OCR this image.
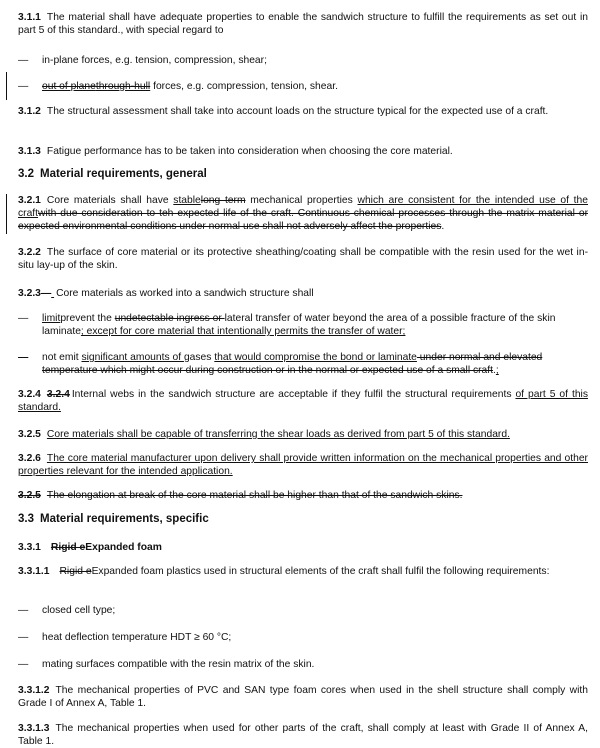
3.1.1 The material shall have adequate properties to enable the sandwich structure to fulfill the requirements as set out in part 5 of this standard., with special regard to

— in-plane forces, e.g. tension, compression, shear;

— out of planethrough-hull forces, e.g. compression, tension, shear.

3.1.2 The structural assessment shall take into account loads on the structure typical for the expected use of a craft.

3.1.3 Fatigue performance has to be taken into consideration when choosing the core material.

3.2 Material requirements, general

3.2.1 Core materials shall have stablelong term mechanical properties which are consistent for the intended use of the craftwith due consideration to teh expected life of the craft. Continuous chemical processes through the matrix material or expected environmental conditions under normal use shall not adversely affect the properties.

3.2.2 The surface of core material or its protective sheathing/coating shall be compatible with the resin used for the wet in-situ lay-up of the skin.

3.2.3— Core materials as worked into a sandwich structure shall

—	limitprevent the undetectable ingress or lateral transfer of water beyond the area of a possible fracture of the skin laminate; except for core material that intentionally permits the transfer of water;

—	not emit significant amounts of gases that would compromise the bond or laminate under normal and elevated temperature which might occur during construction or in the normal or expected use of a small craft.;

3.2.4 3.2.4 Internal webs in the sandwich structure are acceptable if they fulfil the structural requirements of part 5 of this standard.

3.2.5 Core materials shall be capable of transferring the shear loads as derived from part 5 of this standard.

3.2.6 The core material manufacturer upon delivery shall provide written information on the mechanical properties and other properties relevant for the intended application.

3.2.5 The elongation at break of the core material shall be higher than that of the sandwich skins.

3.3 Material requirements, specific

3.3.1 Rigid eExpanded foam

3.3.1.1 Rigid eExpanded foam plastics used in structural elements of the craft shall fulfil the following requirements:

— closed cell type;

— heat deflection temperature HDT ≥ 60 °C;

— mating surfaces compatible with the resin matrix of the skin.

3.3.1.2 The mechanical properties of PVC and SAN type foam cores when used in the shell structure shall comply with Grade I of Annex A, Table 1.

3.3.1.3 The mechanical properties when used for other parts of the craft, shall comply at least with Grade II of Annex A, Table 1.
